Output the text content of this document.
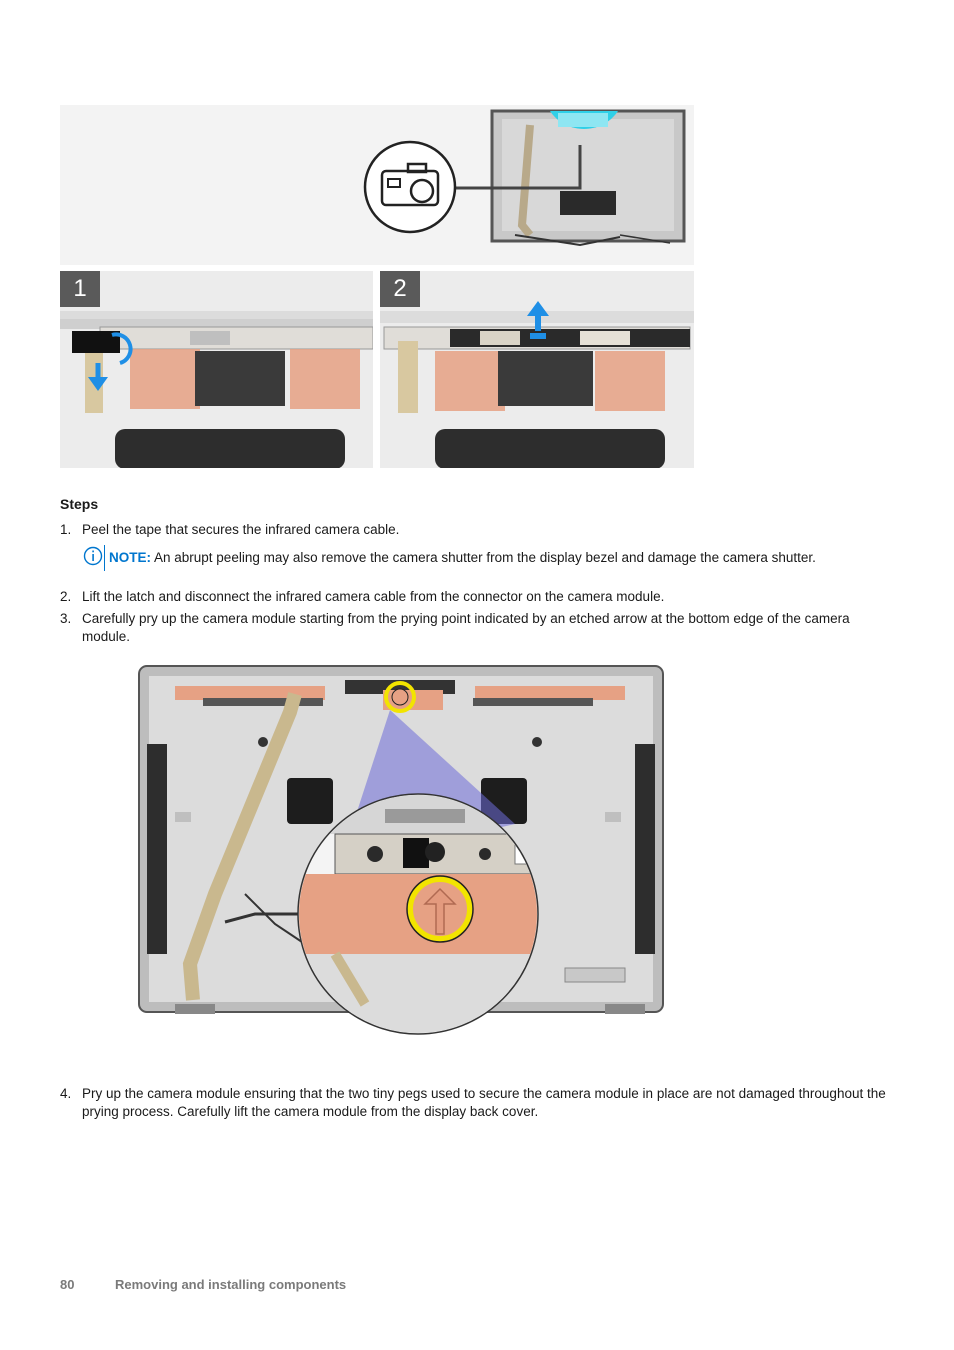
1	2
Steps
1. Peel the tape that secures the infrared camera cable.
NOTE: An abrupt peeling may also remove the camera shutter from the display bezel and damage the camera shutter.
2. Lift the latch and disconnect the infrared camera cable from the connector on the camera module.
3. Carefully pry up the camera module starting from the prying point indicated by an etched arrow at the bottom edge of the camera module.
4. Pry up the camera module ensuring that the two tiny pegs used to secure the camera module in place are not damaged throughout the prying process. Carefully lift the camera module from the display back cover.
80	Removing and installing components
